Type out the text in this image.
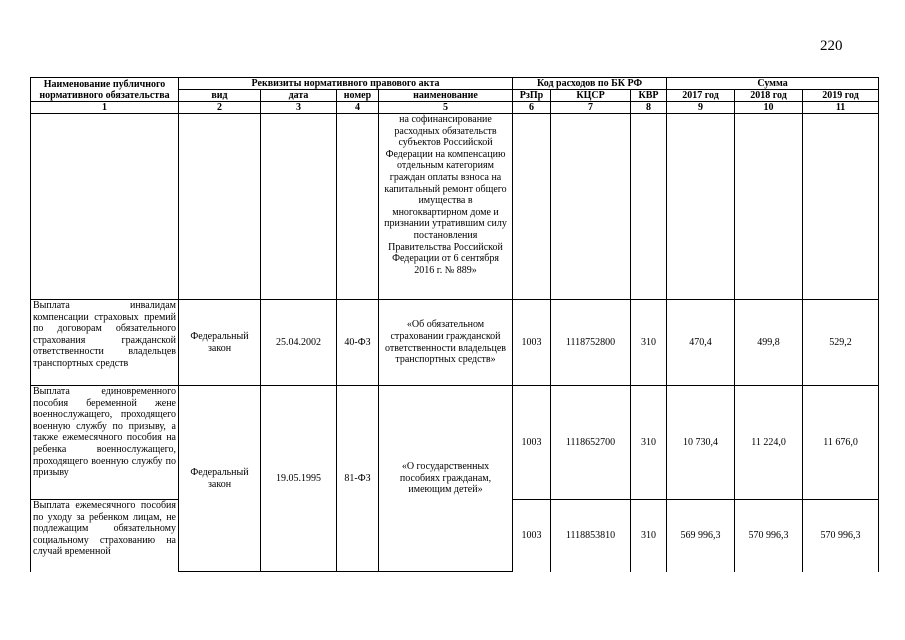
220
Наименование публичного нормативного обязательства	Реквизиты нормативного правового акта				Код расходов по БК РФ			Сумма		
	вид	дата	номер	наименование	РзПр	КЦСР	КВР	2017 год	2018 год	2019 год
1	2	3	4	5	6	7	8	9	10	11
				на софинансирование расходных обязательств субъектов Российской Федерации на компенсацию отдельным категориям граждан оплаты взноса на капитальный ремонт общего имущества в многоквартирном доме и признании утратившим силу постановления Правительства Российской Федерации от 6 сентября 2016 г. № 889»						
Выплата инвалидам компенсации страховых премий по договорам обязательного страхования гражданской ответственности владельцев транспортных средств	Федеральный закон	25.04.2002	40-ФЗ	«Об обязательном страховании гражданской ответственности владельцев транспортных средств»	1003	1118752800	310	470,4	499,8	529,2
Выплата единовременного пособия беременной жене военнослужащего, проходящего военную службу по призыву, а также ежемесячного пособия на ребенка военнослужащего, проходящего военную службу по призыву	Федеральный закон	19.05.1995	81-ФЗ	«О государственных пособиях гражданам, имеющим детей»	1003	1118652700	310	10 730,4	11 224,0	11 676,0
Выплата ежемесячного пособия по уходу за ребенком лицам, не подлежащим обязательному социальному страхованию на случай временной					1003	1118853810	310	569 996,3	570 996,3	570 996,3
